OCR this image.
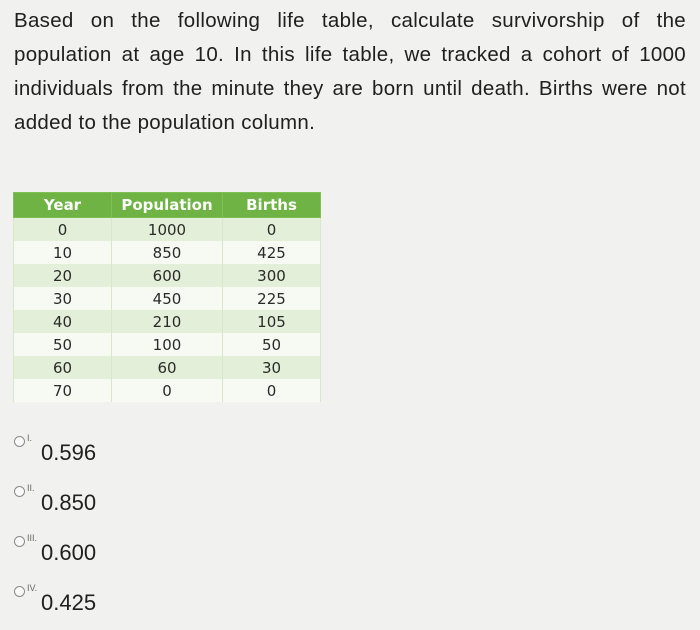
Based on the following life table, calculate survivorship of the population at age 10. In this life table, we tracked a cohort of 1000 individuals from the minute they are born until death. Births were not added to the population column.
Year	Population	Births
0	1000	0
10	850	425
20	600	300
30	450	225
40	210	105
50	100	50
60	60	30
70	0	0
I.
0.596
II.
0.850
III.
0.600
IV.
0.425
